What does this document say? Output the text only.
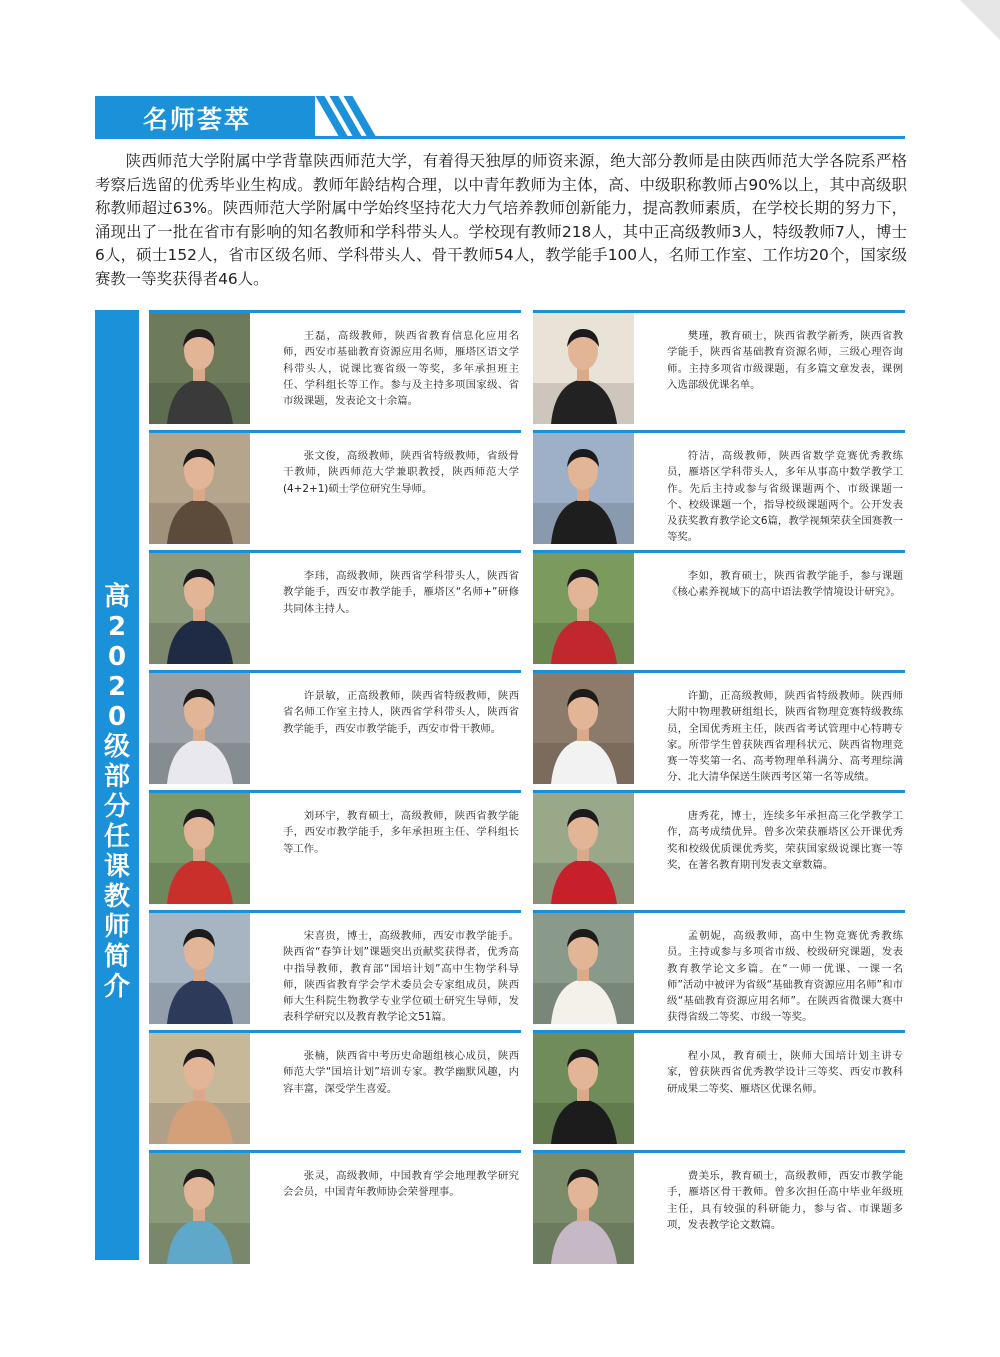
名师荟萃

陕西师范大学附属中学背靠陕西师范大学，有着得天独厚的师资来源，绝大部分教师是由陕西师范大学各院系严格考察后选留的优秀毕业生构成。教师年龄结构合理，以中青年教师为主体，高、中级职称教师占90%以上，其中高级职称教师超过63%。陕西师范大学附属中学始终坚持花大力气培养教师创新能力，提高教师素质，在学校长期的努力下，涌现出了一批在省市有影响的知名教师和学科带头人。学校现有教师218人，其中正高级教师3人，特级教师7人，博士6人，硕士152人，省市区级名师、学科带头人、骨干教师54人，教学能手100人，名师工作室、工作坊20个，国家级赛教一等奖获得者46人。

高
2
0
2
0
级
部
分
任
课
教
师
简
介

王磊，高级教师，陕西省教育信息化应用名师，西安市基础教育资源应用名师，雁塔区语文学科带头人，说课比赛省级一等奖，多年承担班主任、学科组长等工作。参与及主持多项国家级、省市级课题，发表论文十余篇。

张文俊，高级教师，陕西省特级教师，省级骨干教师，陕西师范大学兼职教授，陕西师范大学(4+2+1)硕士学位研究生导师。

李玮，高级教师，陕西省学科带头人，陕西省教学能手，西安市教学能手，雁塔区“名师+”研修共同体主持人。

许景敏，正高级教师，陕西省特级教师，陕西省名师工作室主持人，陕西省学科带头人，陕西省教学能手，西安市教学能手，西安市骨干教师。

刘环宇，教育硕士，高级教师，陕西省教学能手，西安市教学能手，多年承担班主任、学科组长等工作。

宋喜贵，博士，高级教师，西安市教学能手。陕西省“春笋计划”课题突出贡献奖获得者，优秀高中指导教师，教育部“国培计划”高中生物学科导师，陕西省教育学会学术委员会专家组成员，陕西师大生科院生物教学专业学位硕士研究生导师，发表科学研究以及教育教学论文51篇。

张楠，陕西省中考历史命题组核心成员，陕西师范大学“国培计划”培训专家。教学幽默风趣，内容丰富，深受学生喜爱。

张灵，高级教师，中国教育学会地理教学研究会会员，中国青年教师协会荣誉理事。

樊瑾，教育硕士，陕西省教学新秀，陕西省教学能手，陕西省基础教育资源名师，三级心理咨询师。主持多项省市级课题，有多篇文章发表，课例入选部级优课名单。

符洁，高级教师，陕西省数学竞赛优秀教练员，雁塔区学科带头人，多年从事高中数学教学工作。先后主持或参与省级课题两个、市级课题一个、校级课题一个，指导校级课题两个。公开发表及获奖教育教学论文6篇，教学视频荣获全国赛教一等奖。

李如，教育硕士，陕西省教学能手，参与课题《核心素养视域下的高中语法教学情境设计研究》。

许勤，正高级教师，陕西省特级教师。陕西师大附中物理教研组组长，陕西省物理竞赛特级教练员，全国优秀班主任，陕西省考试管理中心特聘专家。所带学生曾获陕西省理科状元、陕西省物理竞赛一等奖第一名、高考物理单科满分、高考理综满分、北大清华保送生陕西考区第一名等成绩。

唐秀花，博士，连续多年承担高三化学教学工作，高考成绩优异。曾多次荣获雁塔区公开课优秀奖和校级优质课优秀奖，荣获国家级说课比赛一等奖，在著名教育期刊发表文章数篇。

孟朝妮，高级教师，高中生物竞赛优秀教练员。主持或参与多项省市级、校级研究课题，发表教育教学论文多篇。在“一师一优课、一课一名师”活动中被评为省级“基础教育资源应用名师”和市级“基础教育资源应用名师”。在陕西省微课大赛中获得省级二等奖、市级一等奖。

程小凤，教育硕士，陕师大国培计划主讲专家，曾获陕西省优秀教学设计三等奖、西安市教科研成果二等奖、雁塔区优课名师。

费美乐，教育硕士，高级教师，西安市教学能手，雁塔区骨干教师。曾多次担任高中毕业年级班主任，具有较强的科研能力，参与省、市课题多项，发表教学论文数篇。
